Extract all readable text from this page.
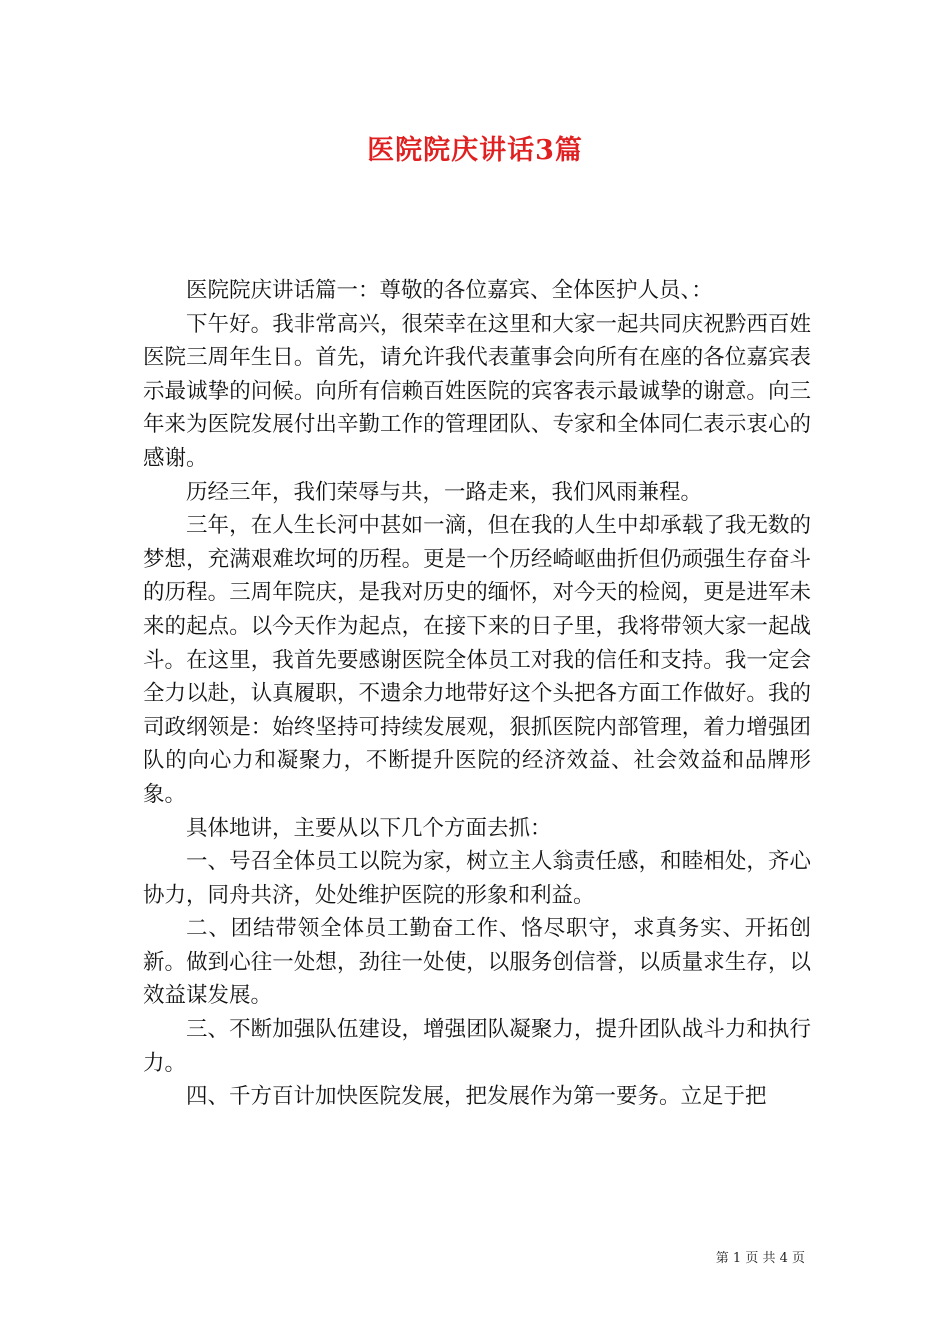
医院院庆讲话3篇

医院院庆讲话篇一：尊敬的各位嘉宾、全体医护人员、：

下午好。我非常高兴，很荣幸在这里和大家一起共同庆祝黔西百姓医院三周年生日。首先，请允许我代表董事会向所有在座的各位嘉宾表示最诚挚的问候。向所有信赖百姓医院的宾客表示最诚挚的谢意。向三年来为医院发展付出辛勤工作的管理团队、专家和全体同仁表示衷心的感谢。

历经三年，我们荣辱与共，一路走来，我们风雨兼程。

三年，在人生长河中甚如一滴，但在我的人生中却承载了我无数的梦想，充满艰难坎坷的历程。更是一个历经崎岖曲折但仍顽强生存奋斗的历程。三周年院庆，是我对历史的缅怀，对今天的检阅，更是进军未来的起点。以今天作为起点，在接下来的日子里，我将带领大家一起战斗。在这里，我首先要感谢医院全体员工对我的信任和支持。我一定会全力以赴，认真履职，不遗余力地带好这个头把各方面工作做好。我的司政纲领是：始终坚持可持续发展观，狠抓医院内部管理，着力增强团队的向心力和凝聚力，不断提升医院的经济效益、社会效益和品牌形象。

具体地讲，主要从以下几个方面去抓：

一、号召全体员工以院为家，树立主人翁责任感，和睦相处，齐心协力，同舟共济，处处维护医院的形象和利益。

二、团结带领全体员工勤奋工作、恪尽职守，求真务实、开拓创新。做到心往一处想，劲往一处使，以服务创信誉，以质量求生存，以效益谋发展。

三、不断加强队伍建设，增强团队凝聚力，提升团队战斗力和执行力。

四、千方百计加快医院发展，把发展作为第一要务。立足于把

第 1 页 共 4 页
